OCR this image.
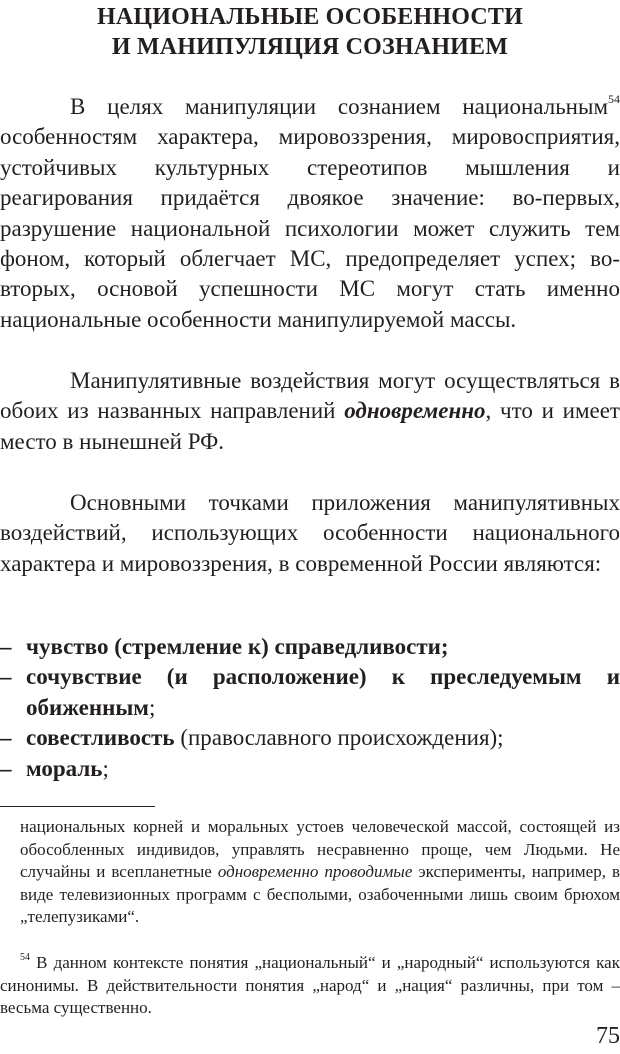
НАЦИОНАЛЬНЫЕ ОСОБЕННОСТИ
И МАНИПУЛЯЦИЯ СОЗНАНИЕМ

В целях манипуляции сознанием национальным$^{54}$ особенностям характера, мировоззрения, мировосприятия, устойчивых культурных стереотипов мышления и реагирования придаётся двоякое значение: во-первых, разрушение национальной психологии может служить тем фоном, который облегчает МС, предопределяет успех; во-вторых, основой успешности МС могут стать именно национальные особенности манипулируемой массы.

Манипулятивные воздействия могут осуществляться в обоих из названных направлений одновременно, что и имеет место в нынешней РФ.

Основными точками приложения манипулятивных воздействий, использующих особенности национального характера и мировоззрения, в современной России являются:

– чувство (стремление к) справедливости;
– сочувствие (и расположение) к преследуемым и обиженным;
– совестливость (православного происхождения);
– мораль;
национальных корней и моральных устоев человеческой массой, состоящей из обособленных индивидов, управлять несравненно проще, чем Людьми. Не случайны и всепланетные одновременно проводимые эксперименты, например, в виде телевизионных программ с бесполыми, озабоченными лишь своим брюхом „телепузиками“.
$^{54}$ В данном контексте понятия „национальный“ и „народный“ используются как синонимы. В действительности понятия „народ“ и „нация“ различны, при том – весьма существенно.
75
